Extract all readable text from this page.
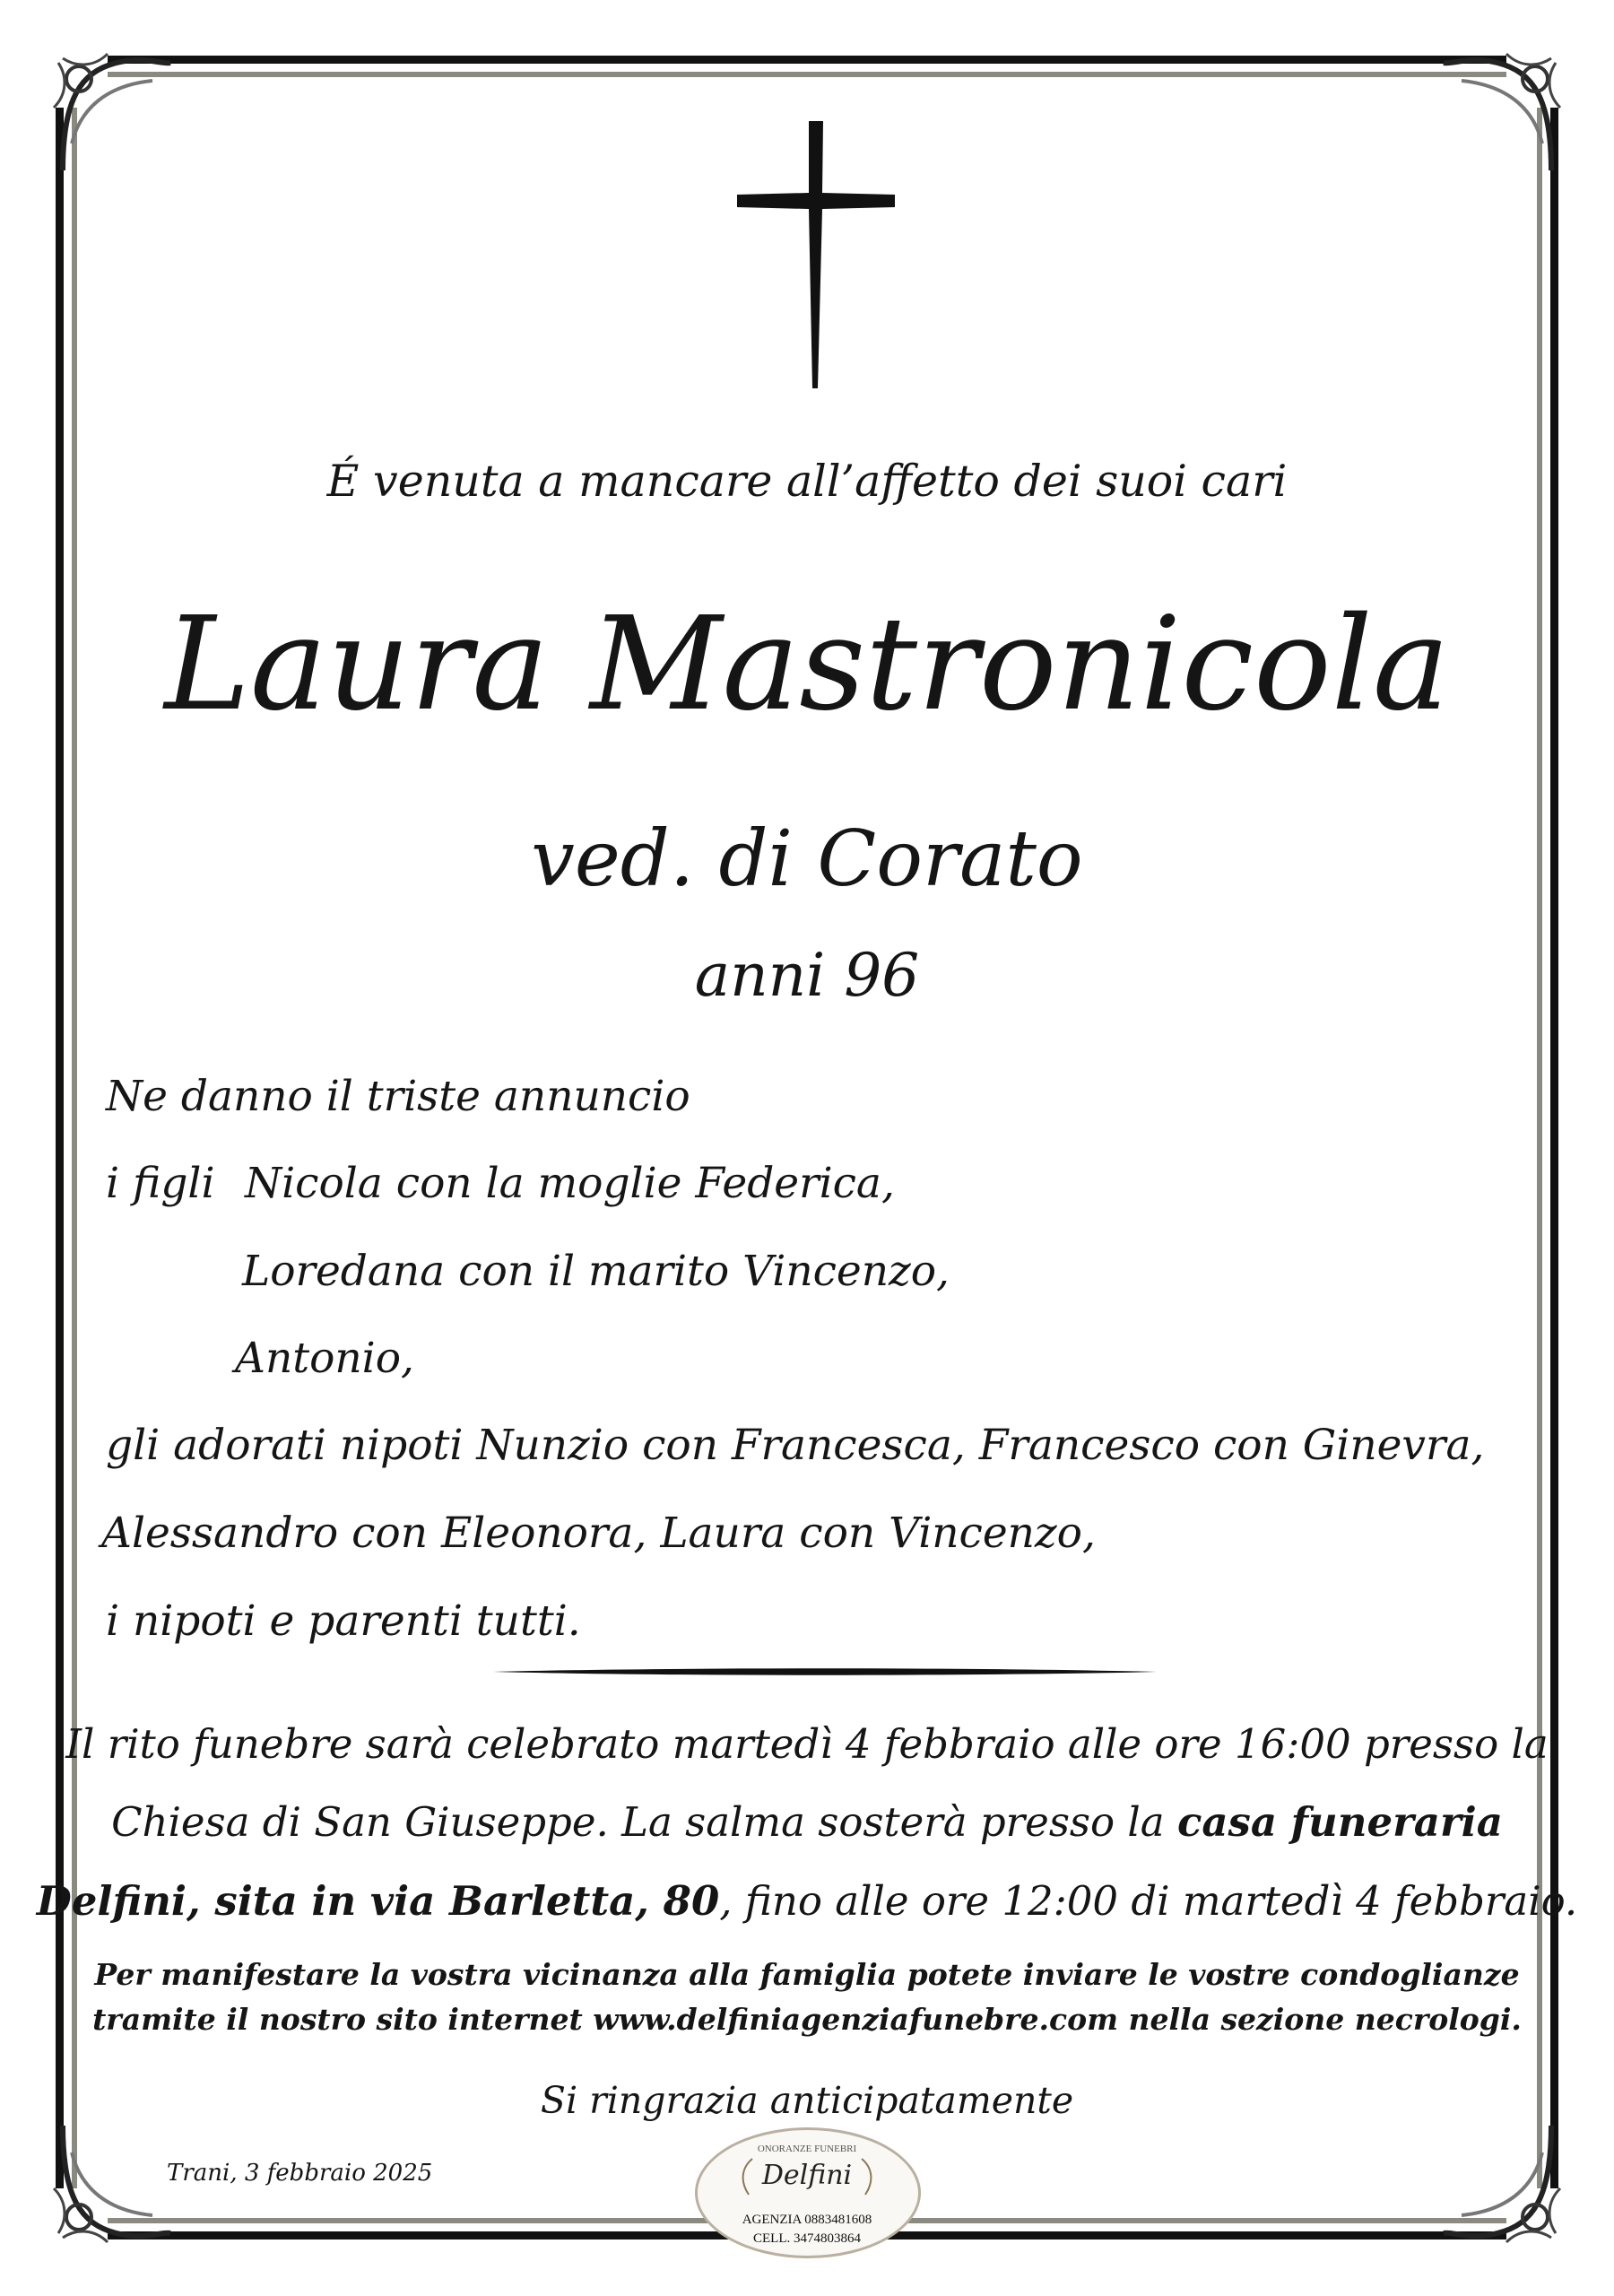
É venuta a mancare all’affetto dei suoi cari
Laura Mastronicola
ved. di Corato
anni 96
Ne danno il triste annuncio
i figli Nicola con la moglie Federica,
Loredana con il marito Vincenzo,
Antonio,
gli adorati nipoti Nunzio con Francesca, Francesco con Ginevra,
Alessandro con Eleonora, Laura con Vincenzo,
i nipoti e parenti tutti.
Il rito funebre sarà celebrato martedì 4 febbraio alle ore 16:00 presso la
Chiesa di San Giuseppe. La salma sosterà presso la casa funeraria
Delfini, sita in via Barletta, 80, fino alle ore 12:00 di martedì 4 febbraio.
Per manifestare la vostra vicinanza alla famiglia potete inviare le vostre condoglianze
tramite il nostro sito internet www.delfiniagenziafunebre.com nella sezione necrologi.
Si ringrazia anticipatamente
Trani, 3 febbraio 2025
ONORANZE FUNEBRI
Delfini
AGENZIA 0883481608
CELL. 3474803864
